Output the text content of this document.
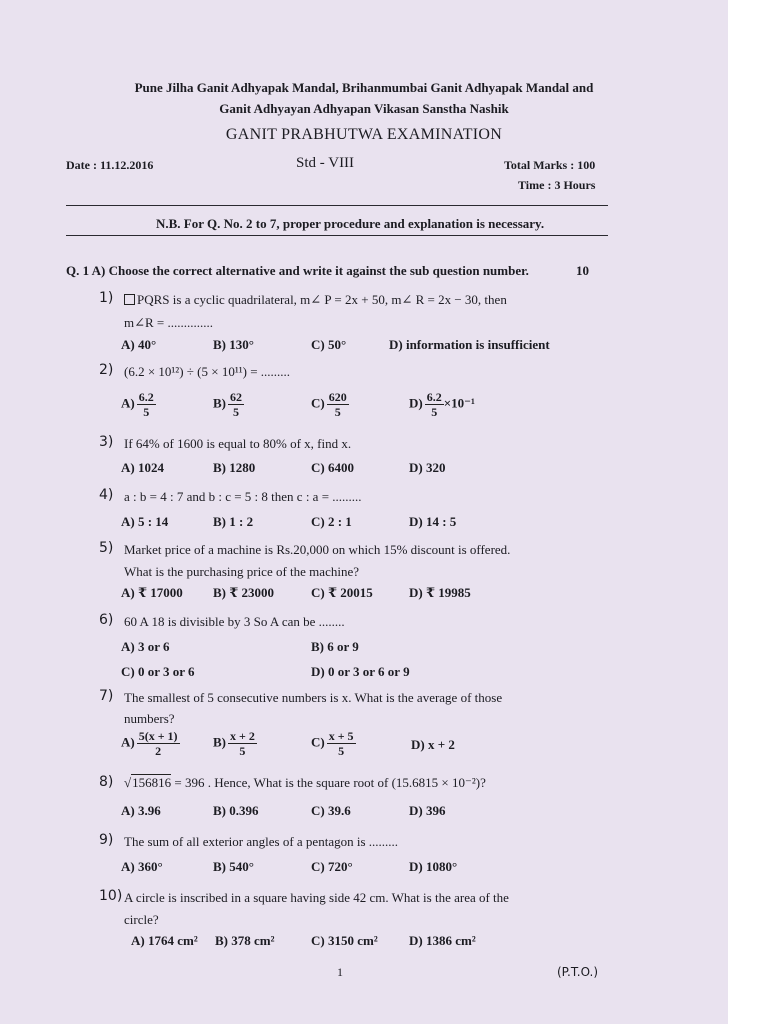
Pune Jilha Ganit Adhyapak Mandal, Brihanmumbai Ganit Adhyapak Mandal and
Ganit Adhyayan Adhyapan Vikasan Sanstha Nashik
GANIT PRABHUTWA EXAMINATION
Date : 11.12.2016	Std - VIII	Total Marks : 100
Time : 3 Hours
N.B. For Q. No. 2 to 7, proper procedure and explanation is necessary.
Q. 1 A) Choose the correct alternative and write it against the sub question number.	10
1)	PQRS is a cyclic quadrilateral, m∠ P = 2x + 50, m∠ R = 2x − 30, then
m∠R = ..............
A) 40°	B) 130°	C) 50°	D) information is insufficient
2) (6.2 × 10¹²) ÷ (5 × 10¹¹) = .........
$A) \frac{6.2}{5}$	$B) \frac{62}{5}$	$C) \frac{620}{5}$	$D) \frac{6.2}{5} \times 10^{-1}$
3) If 64% of 1600 is equal to 80% of x, find x.
A) 1024	B) 1280	C) 6400	D) 320
4) a : b = 4 : 7 and b : c = 5 : 8 then c : a = .........
A) 5 : 14	B) 1 : 2	C) 2 : 1	D) 14 : 5
5) Market price of a machine is Rs.20,000 on which 15% discount is offered.
What is the purchasing price of the machine?
A) ₹ 17000 B) ₹ 23000	C) ₹ 20015	D) ₹ 19985
6) 60 A 18 is divisible by 3 So A can be ........
A) 3 or 6	B) 6 or 9
C) 0 or 3 or 6	D) 0 or 3 or 6 or 9
7) The smallest of 5 consecutive numbers is x. What is the average of those
numbers?
$A) \frac{5(x + 1)}{2}$	$B) \frac{x + 2}{5}$	$C) \frac{x + 5}{5}$	D) x + 2
8) √156816 = 396 . Hence, What is the square root of (15.6815 × 10⁻²)?
A) 3.96	B) 0.396	C) 39.6	D) 396
9) The sum of all exterior angles of a pentagon is .........
A) 360°	B) 540°	C) 720°	D) 1080°
10) A circle is inscribed in a square having side 42 cm. What is the area of the
circle?
A) 1764 cm² B) 378 cm²	C) 3150 cm² D) 1386 cm²
1	(P.T.O.)
